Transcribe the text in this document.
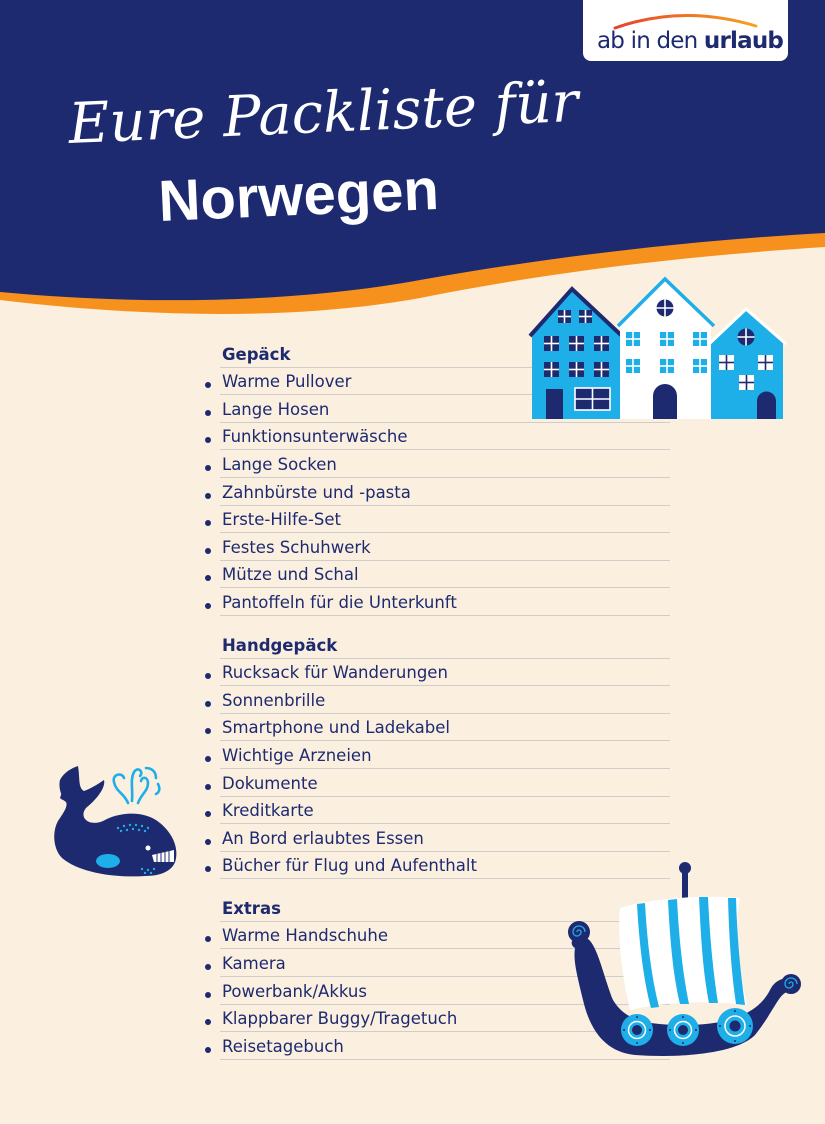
ab in den urlaub
Eure Packliste für
Norwegen
Gepäck
Warme Pullover
Lange Hosen
Funktionsunterwäsche
Lange Socken
Zahnbürste und -pasta
Erste-Hilfe-Set
Festes Schuhwerk
Mütze und Schal
Pantoffeln für die Unterkunft
Handgepäck
Rucksack für Wanderungen
Sonnenbrille
Smartphone und Ladekabel
Wichtige Arzneien
Dokumente
Kreditkarte
An Bord erlaubtes Essen
Bücher für Flug und Aufenthalt
Extras
Warme Handschuhe
Kamera
Powerbank/Akkus
Klappbarer Buggy/Tragetuch
Reisetagebuch
